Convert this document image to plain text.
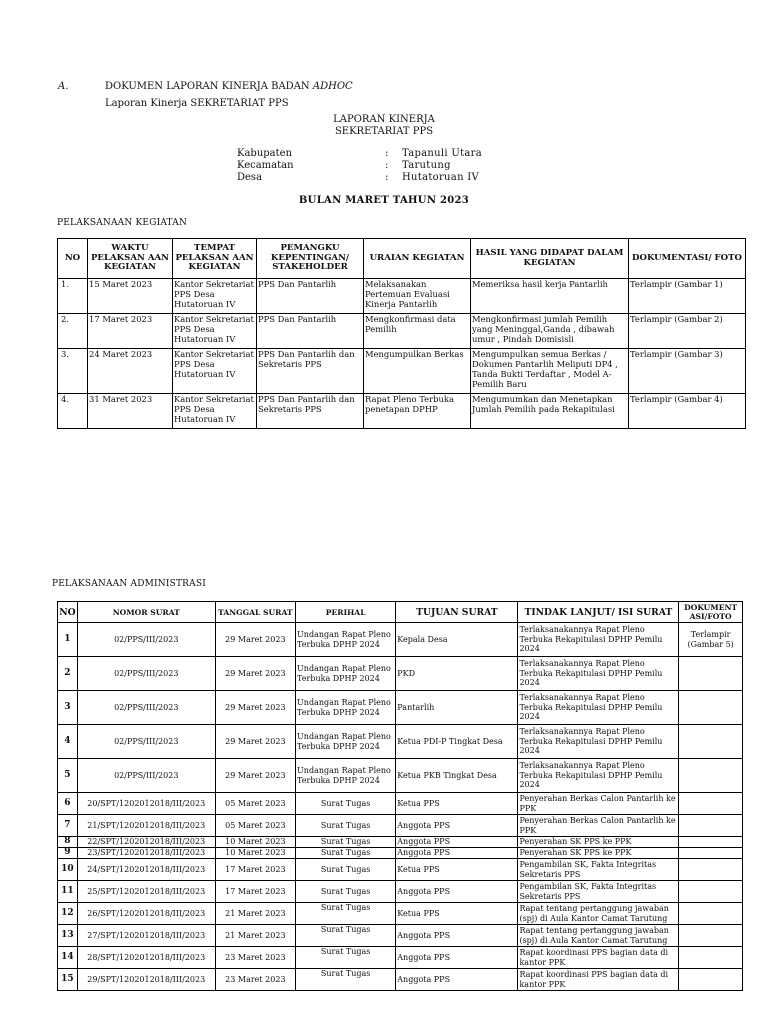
A.	DOKUMEN LAPORAN KINERJA BADAN ADHOC
Laporan Kinerja SEKRETARIAT PPS
LAPORAN KINERJA
SEKRETARIAT PPS
Kabupaten	: Tapanuli Utara
Kecamatan	: Tarutung
Desa	: Hutatoruan IV
BULAN MARET TAHUN 2023
PELAKSANAAN KEGIATAN
NO	WAKTU PELAKSAN AAN KEGIATAN	TEMPAT PELAKSAN AAN KEGIATAN	PEMANGKU KEPENTINGAN/ STAKEHOLDER	URAIAN KEGIATAN	HASIL YANG DIDAPAT DALAM KEGIATAN	DOKUMENTASI/ FOTO
1.	15 Maret 2023	Kantor Sekretariat PPS Desa Hutatoruan IV	PPS Dan Pantarlih	Melaksanakan Pertemuan Evaluasi Kinerja Pantarlih	Memeriksa hasil kerja Pantarlih	Terlampir (Gambar 1)
2.	17 Maret 2023	Kantor Sekretariat PPS Desa Hutatoruan IV	PPS Dan Pantarlih	Mengkonfirmasi data Pemilih	Mengkonfirmasi jumlah Pemilih yang Meninggal,Ganda , dibawah umur , Pindah Domisisli	Terlampir (Gambar 2)
3.	24 Maret 2023	Kantor Sekretariat PPS Desa Hutatoruan IV	PPS Dan Pantarlih dan Sekretaris PPS	Mengumpulkan Berkas	Mengumpulkan semua Berkas / Dokumen Pantarlih Meliputi DP4 , Tanda Bukti Terdaftar , Model A-Pemilih Baru	Terlampir (Gambar 3)
4.	31 Maret 2023	Kantor Sekretariat PPS Desa Hutatoruan IV	PPS Dan Pantarlih dan Sekretaris PPS	Rapat Pleno Terbuka penetapan DPHP	Mengumumkan dan Menetapkan Jumlah Pemilih pada Rekapitulasi	Terlampir (Gambar 4)
PELAKSANAAN ADMINISTRASI
NO	NOMOR SURAT	TANGGAL SURAT	PERIHAL	TUJUAN SURAT	TINDAK LANJUT/ ISI SURAT	DOKUMENT ASI/FOTO
1	02/PPS/III/2023	29 Maret 2023	Undangan Rapat Pleno Terbuka DPHP 2024	Kepala Desa	Terlaksanakannya Rapat Pleno Terbuka Rekapitulasi DPHP Pemilu 2024	Terlampir (Gambar 5)
2	02/PPS/III/2023	29 Maret 2023	Undangan Rapat Pleno Terbuka DPHP 2024	PKD	Terlaksanakannya Rapat Pleno Terbuka Rekapitulasi DPHP Pemilu 2024	
3	02/PPS/III/2023	29 Maret 2023	Undangan Rapat Pleno Terbuka DPHP 2024	Pantarlih	Terlaksanakannya Rapat Pleno Terbuka Rekapitulasi DPHP Pemilu 2024	
4	02/PPS/III/2023	29 Maret 2023	Undangan Rapat Pleno Terbuka DPHP 2024	Ketua PDI-P Tingkat Desa	Terlaksanakannya Rapat Pleno Terbuka Rekapitulasi DPHP Pemilu 2024	
5	02/PPS/III/2023	29 Maret 2023	Undangan Rapat Pleno Terbuka DPHP 2024	Ketua PKB Tingkat Desa	Terlaksanakannya Rapat Pleno Terbuka Rekapitulasi DPHP Pemilu 2024	
6	20/SPT/1202012018/III/2023	05 Maret 2023	Surat Tugas	Ketua PPS	Penyerahan Berkas Calon Pantarlih ke PPK	
7	21/SPT/1202012018/III/2023	05 Maret 2023	Surat Tugas	Anggota PPS	Penyerahan Berkas Calon Pantarlih ke PPK	
8	22/SPT/1202012018/III/2023	10 Maret 2023	Surat Tugas	Anggota PPS	Penyerahan SK PPS ke PPK	
9	23/SPT/1202012018/III/2023	10 Maret 2023	Surat Tugas	Anggota PPS	Penyerahan SK PPS ke PPK	
10	24/SPT/1202012018/III/2023	17 Maret 2023	Surat Tugas	Ketua PPS	Pengambilan SK, Fakta Integritas Sekretaris PPS	
11	25/SPT/1202012018/III/2023	17 Maret 2023	Surat Tugas	Anggota PPS	Pengambilan SK, Fakta Integritas Sekretaris PPS	
12	26/SPT/1202012018/III/2023	21 Maret 2023	Surat Tugas	Ketua PPS	Rapat tentang pertanggung jawaban (spj) di Aula Kantor Camat Tarutung	
13	27/SPT/1202012018/III/2023	21 Maret 2023	Surat Tugas	Anggota PPS	Rapat tentang pertanggung jawaban (spj) di Aula Kantor Camat Tarutung	
14	28/SPT/1202012018/III/2023	23 Maret 2023	Surat Tugas	Anggota PPS	Rapat koordinasi PPS bagian data di kantor PPK	
15	29/SPT/1202012018/III/2023	23 Maret 2023	Surat Tugas	Anggota PPS	Rapat koordinasi PPS bagian data di kantor PPK	
